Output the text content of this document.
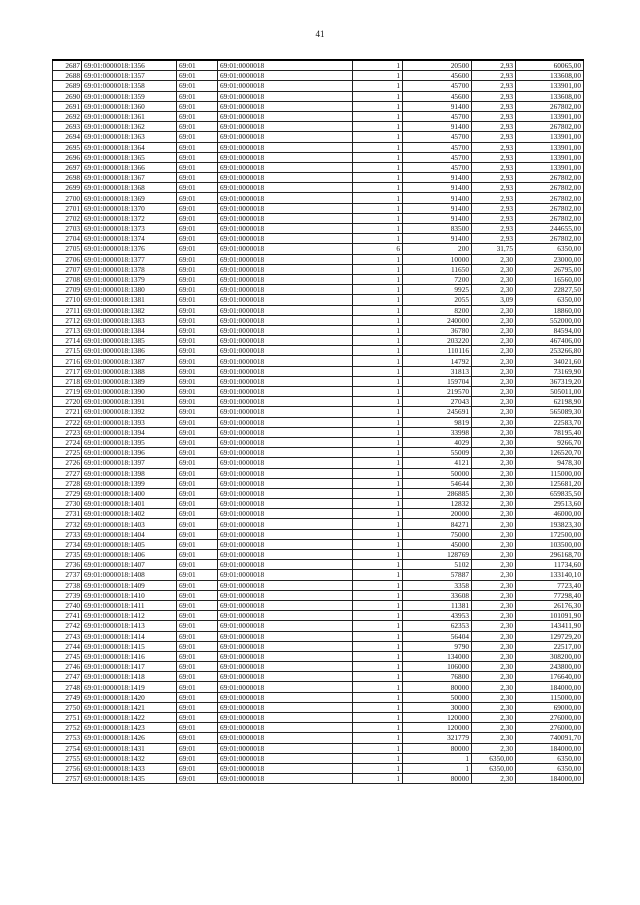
41
2687	69:01:0000018:1356	69:01	69:01:0000018	1	20500	2,93	60065,00
2688	69:01:0000018:1357	69:01	69:01:0000018	1	45600	2,93	133608,00
2689	69:01:0000018:1358	69:01	69:01:0000018	1	45700	2,93	133901,00
2690	69:01:0000018:1359	69:01	69:01:0000018	1	45600	2,93	133608,00
2691	69:01:0000018:1360	69:01	69:01:0000018	1	91400	2,93	267802,00
2692	69:01:0000018:1361	69:01	69:01:0000018	1	45700	2,93	133901,00
2693	69:01:0000018:1362	69:01	69:01:0000018	1	91400	2,93	267802,00
2694	69:01:0000018:1363	69:01	69:01:0000018	1	45700	2,93	133901,00
2695	69:01:0000018:1364	69:01	69:01:0000018	1	45700	2,93	133901,00
2696	69:01:0000018:1365	69:01	69:01:0000018	1	45700	2,93	133901,00
2697	69:01:0000018:1366	69:01	69:01:0000018	1	45700	2,93	133901,00
2698	69:01:0000018:1367	69:01	69:01:0000018	1	91400	2,93	267802,00
2699	69:01:0000018:1368	69:01	69:01:0000018	1	91400	2,93	267802,00
2700	69:01:0000018:1369	69:01	69:01:0000018	1	91400	2,93	267802,00
2701	69:01:0000018:1370	69:01	69:01:0000018	1	91400	2,93	267802,00
2702	69:01:0000018:1372	69:01	69:01:0000018	1	91400	2,93	267802,00
2703	69:01:0000018:1373	69:01	69:01:0000018	1	83500	2,93	244655,00
2704	69:01:0000018:1374	69:01	69:01:0000018	1	91400	2,93	267802,00
2705	69:01:0000018:1376	69:01	69:01:0000018	6	200	31,75	6350,00
2706	69:01:0000018:1377	69:01	69:01:0000018	1	10000	2,30	23000,00
2707	69:01:0000018:1378	69:01	69:01:0000018	1	11650	2,30	26795,00
2708	69:01:0000018:1379	69:01	69:01:0000018	1	7200	2,30	16560,00
2709	69:01:0000018:1380	69:01	69:01:0000018	1	9925	2,30	22827,50
2710	69:01:0000018:1381	69:01	69:01:0000018	1	2055	3,09	6350,00
2711	69:01:0000018:1382	69:01	69:01:0000018	1	8200	2,30	18860,00
2712	69:01:0000018:1383	69:01	69:01:0000018	1	240000	2,30	552000,00
2713	69:01:0000018:1384	69:01	69:01:0000018	1	36780	2,30	84594,00
2714	69:01:0000018:1385	69:01	69:01:0000018	1	203220	2,30	467406,00
2715	69:01:0000018:1386	69:01	69:01:0000018	1	110116	2,30	253266,80
2716	69:01:0000018:1387	69:01	69:01:0000018	1	14792	2,30	34021,60
2717	69:01:0000018:1388	69:01	69:01:0000018	1	31813	2,30	73169,90
2718	69:01:0000018:1389	69:01	69:01:0000018	1	159704	2,30	367319,20
2719	69:01:0000018:1390	69:01	69:01:0000018	1	219570	2,30	505011,00
2720	69:01:0000018:1391	69:01	69:01:0000018	1	27043	2,30	62198,90
2721	69:01:0000018:1392	69:01	69:01:0000018	1	245691	2,30	565089,30
2722	69:01:0000018:1393	69:01	69:01:0000018	1	9819	2,30	22583,70
2723	69:01:0000018:1394	69:01	69:01:0000018	1	33998	2,30	78195,40
2724	69:01:0000018:1395	69:01	69:01:0000018	1	4029	2,30	9266,70
2725	69:01:0000018:1396	69:01	69:01:0000018	1	55009	2,30	126520,70
2726	69:01:0000018:1397	69:01	69:01:0000018	1	4121	2,30	9478,30
2727	69:01:0000018:1398	69:01	69:01:0000018	1	50000	2,30	115000,00
2728	69:01:0000018:1399	69:01	69:01:0000018	1	54644	2,30	125681,20
2729	69:01:0000018:1400	69:01	69:01:0000018	1	286885	2,30	659835,50
2730	69:01:0000018:1401	69:01	69:01:0000018	1	12832	2,30	29513,60
2731	69:01:0000018:1402	69:01	69:01:0000018	1	20000	2,30	46000,00
2732	69:01:0000018:1403	69:01	69:01:0000018	1	84271	2,30	193823,30
2733	69:01:0000018:1404	69:01	69:01:0000018	1	75000	2,30	172500,00
2734	69:01:0000018:1405	69:01	69:01:0000018	1	45000	2,30	103500,00
2735	69:01:0000018:1406	69:01	69:01:0000018	1	128769	2,30	296168,70
2736	69:01:0000018:1407	69:01	69:01:0000018	1	5102	2,30	11734,60
2737	69:01:0000018:1408	69:01	69:01:0000018	1	57887	2,30	133140,10
2738	69:01:0000018:1409	69:01	69:01:0000018	1	3358	2,30	7723,40
2739	69:01:0000018:1410	69:01	69:01:0000018	1	33608	2,30	77298,40
2740	69:01:0000018:1411	69:01	69:01:0000018	1	11381	2,30	26176,30
2741	69:01:0000018:1412	69:01	69:01:0000018	1	43953	2,30	101091,90
2742	69:01:0000018:1413	69:01	69:01:0000018	1	62353	2,30	143411,90
2743	69:01:0000018:1414	69:01	69:01:0000018	1	56404	2,30	129729,20
2744	69:01:0000018:1415	69:01	69:01:0000018	1	9790	2,30	22517,00
2745	69:01:0000018:1416	69:01	69:01:0000018	1	134000	2,30	308200,00
2746	69:01:0000018:1417	69:01	69:01:0000018	1	106000	2,30	243800,00
2747	69:01:0000018:1418	69:01	69:01:0000018	1	76800	2,30	176640,00
2748	69:01:0000018:1419	69:01	69:01:0000018	1	80000	2,30	184000,00
2749	69:01:0000018:1420	69:01	69:01:0000018	1	50000	2,30	115000,00
2750	69:01:0000018:1421	69:01	69:01:0000018	1	30000	2,30	69000,00
2751	69:01:0000018:1422	69:01	69:01:0000018	1	120000	2,30	276000,00
2752	69:01:0000018:1423	69:01	69:01:0000018	1	120000	2,30	276000,00
2753	69:01:0000018:1426	69:01	69:01:0000018	1	321779	2,30	740091,70
2754	69:01:0000018:1431	69:01	69:01:0000018	1	80000	2,30	184000,00
2755	69:01:0000018:1432	69:01	69:01:0000018	1	1	6350,00	6350,00
2756	69:01:0000018:1433	69:01	69:01:0000018	1	1	6350,00	6350,00
2757	69:01:0000018:1435	69:01	69:01:0000018	1	80000	2,30	184000,00
